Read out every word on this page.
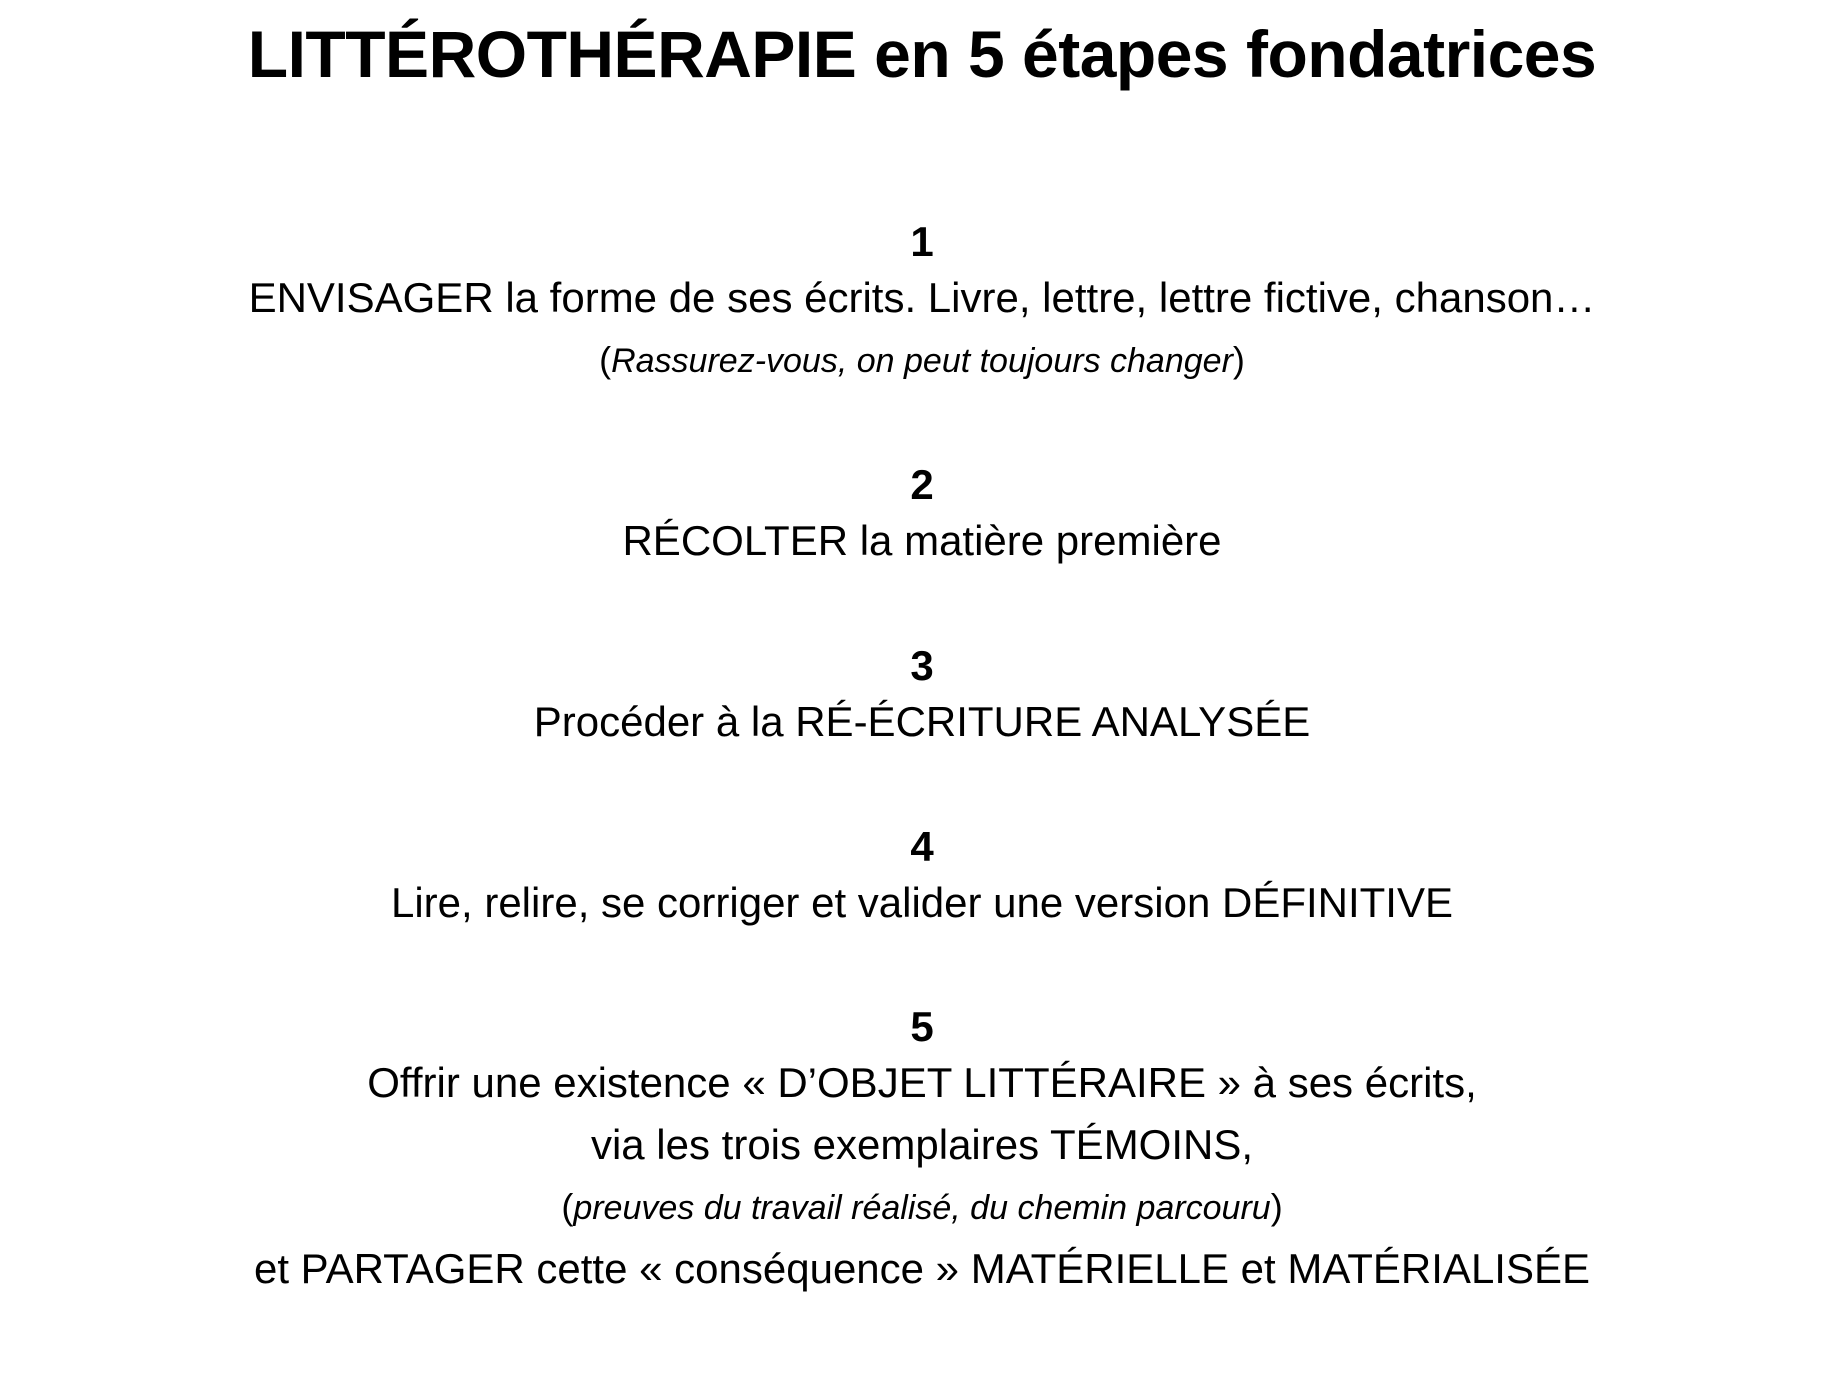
LITTÉROTHÉRAPIE en 5 étapes fondatrices
1
ENVISAGER la forme de ses écrits. Livre, lettre, lettre fictive, chanson…
(Rassurez-vous, on peut toujours changer)
2
RÉCOLTER la matière première
3
Procéder à la RÉ-ÉCRITURE ANALYSÉE
4
Lire, relire, se corriger et valider une version DÉFINITIVE
5
Offrir une existence « D’OBJET LITTÉRAIRE » à ses écrits,
via les trois exemplaires TÉMOINS,
(preuves du travail réalisé, du chemin parcouru)
et PARTAGER cette « conséquence » MATÉRIELLE et MATÉRIALISÉE
